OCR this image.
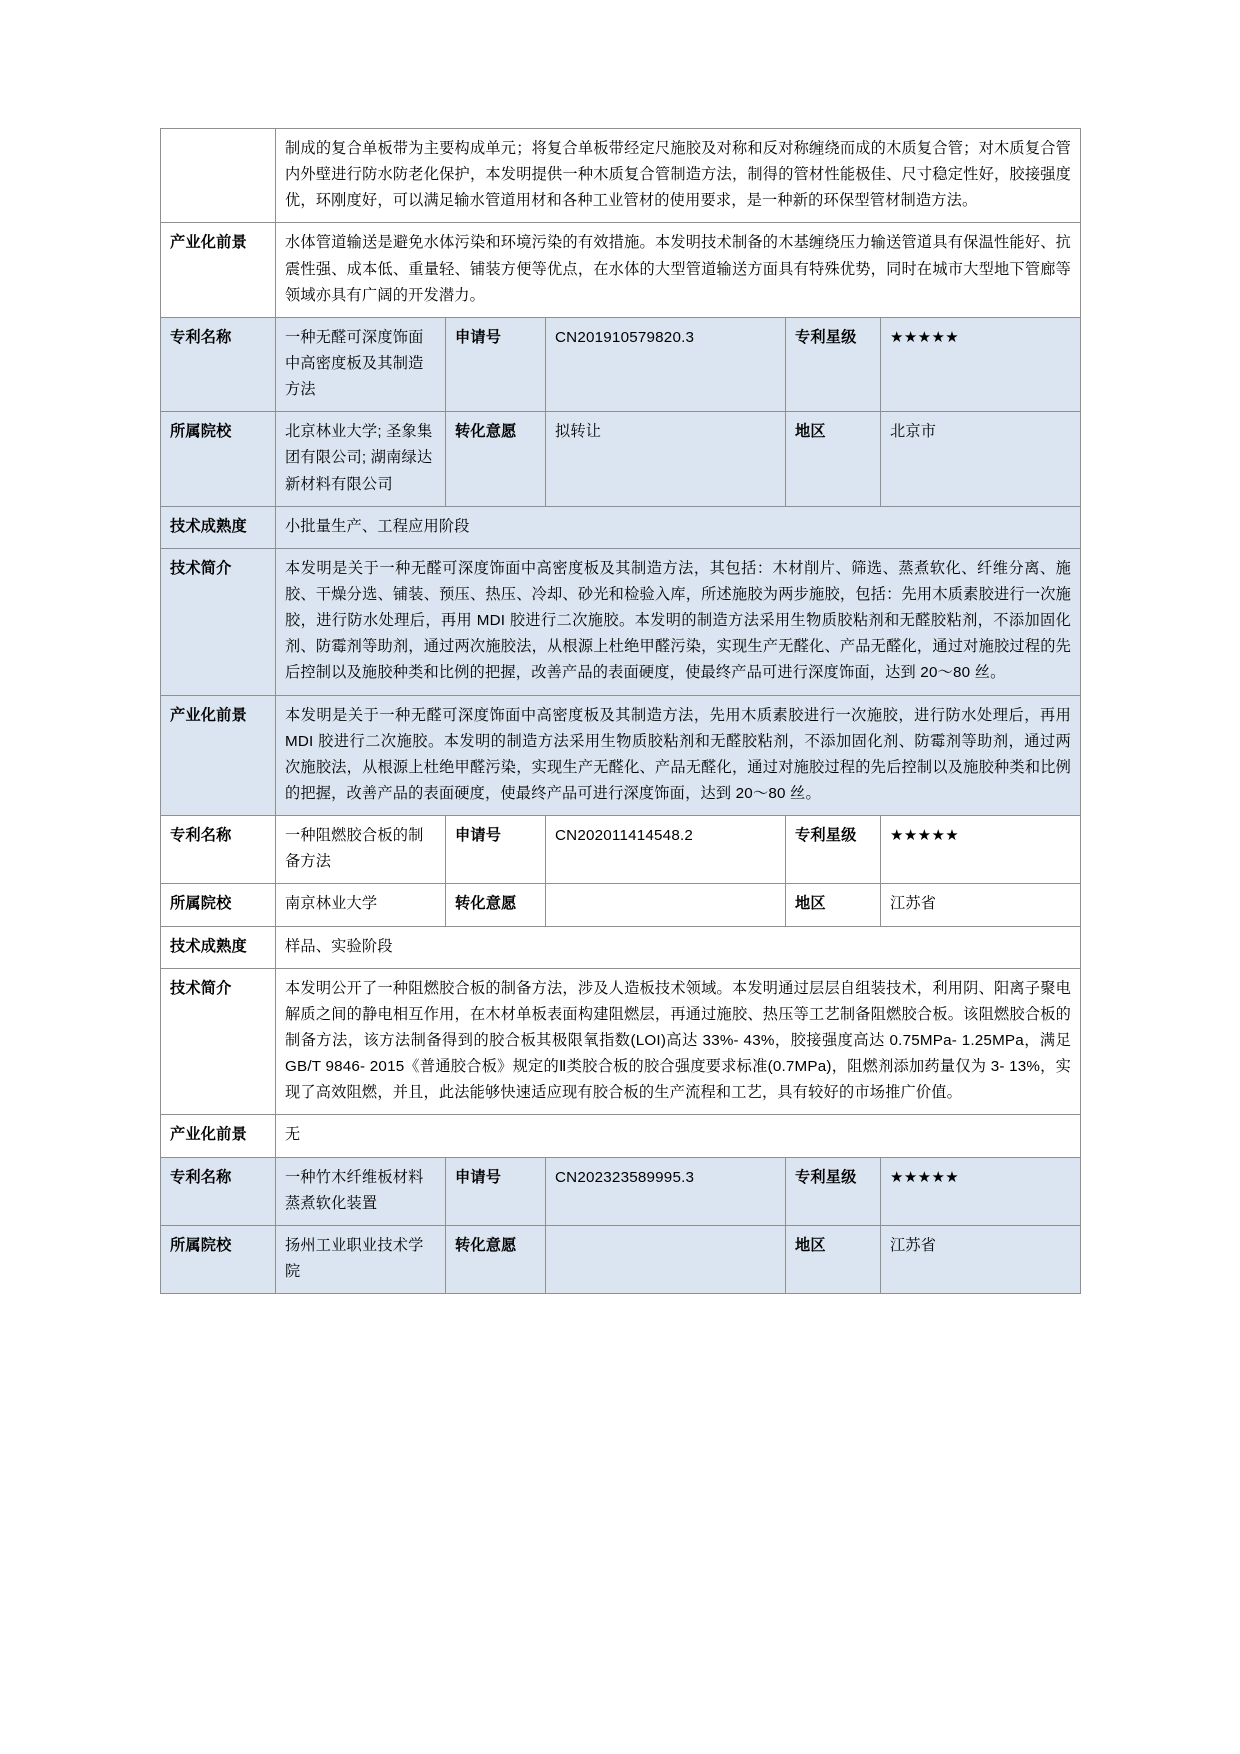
	制成的复合单板带为主要构成单元；将复合单板带经定尺施胶及对称和反对称缠绕而成的木质复合管；对木质复合管内外壁进行防水防老化保护，本发明提供一种木质复合管制造方法，制得的管材性能极佳、尺寸稳定性好，胶接强度优，环刚度好，可以满足输水管道用材和各种工业管材的使用要求，是一种新的环保型管材制造方法。				
产业化前景	水体管道输送是避免水体污染和环境污染的有效措施。本发明技术制备的木基缠绕压力输送管道具有保温性能好、抗震性强、成本低、重量轻、铺装方便等优点，在水体的大型管道输送方面具有特殊优势，同时在城市大型地下管廊等领域亦具有广阔的开发潜力。				
专利名称	一种无醛可深度饰面中高密度板及其制造方法	申请号	CN201910579820.3	专利星级	★★★★★
所属院校	北京林业大学; 圣象集团有限公司; 湖南绿达新材料有限公司	转化意愿	拟转让	地区	北京市
技术成熟度	小批量生产、工程应用阶段				
技术简介	本发明是关于一种无醛可深度饰面中高密度板及其制造方法，其包括：木材削片、筛选、蒸煮软化、纤维分离、施胶、干燥分选、铺装、预压、热压、冷却、砂光和检验入库，所述施胶为两步施胶，包括：先用木质素胶进行一次施胶，进行防水处理后，再用 MDI 胶进行二次施胶。本发明的制造方法采用生物质胶粘剂和无醛胶粘剂，不添加固化剂、防霉剂等助剂，通过两次施胶法，从根源上杜绝甲醛污染，实现生产无醛化、产品无醛化，通过对施胶过程的先后控制以及施胶种类和比例的把握，改善产品的表面硬度，使最终产品可进行深度饰面，达到 20～80 丝。				
产业化前景	本发明是关于一种无醛可深度饰面中高密度板及其制造方法，先用木质素胶进行一次施胶，进行防水处理后，再用 MDI 胶进行二次施胶。本发明的制造方法采用生物质胶粘剂和无醛胶粘剂，不添加固化剂、防霉剂等助剂，通过两次施胶法，从根源上杜绝甲醛污染，实现生产无醛化、产品无醛化，通过对施胶过程的先后控制以及施胶种类和比例的把握，改善产品的表面硬度，使最终产品可进行深度饰面，达到 20～80 丝。				
专利名称	一种阻燃胶合板的制备方法	申请号	CN202011414548.2	专利星级	★★★★★
所属院校	南京林业大学	转化意愿		地区	江苏省
技术成熟度	样品、实验阶段				
技术简介	本发明公开了一种阻燃胶合板的制备方法，涉及人造板技术领域。本发明通过层层自组装技术，利用阴、阳离子聚电解质之间的静电相互作用，在木材单板表面构建阻燃层，再通过施胶、热压等工艺制备阻燃胶合板。该阻燃胶合板的制备方法，该方法制备得到的胶合板其极限氧指数(LOI)高达 33%- 43%，胶接强度高达 0.75MPa- 1.25MPa，满足 GB/T 9846- 2015《普通胶合板》规定的Ⅱ类胶合板的胶合强度要求标准(0.7MPa)，阻燃剂添加药量仅为 3- 13%，实现了高效阻燃，并且，此法能够快速适应现有胶合板的生产流程和工艺，具有较好的市场推广价值。				
产业化前景	无				
专利名称	一种竹木纤维板材料蒸煮软化装置	申请号	CN202323589995.3	专利星级	★★★★★
所属院校	扬州工业职业技术学院	转化意愿		地区	江苏省
